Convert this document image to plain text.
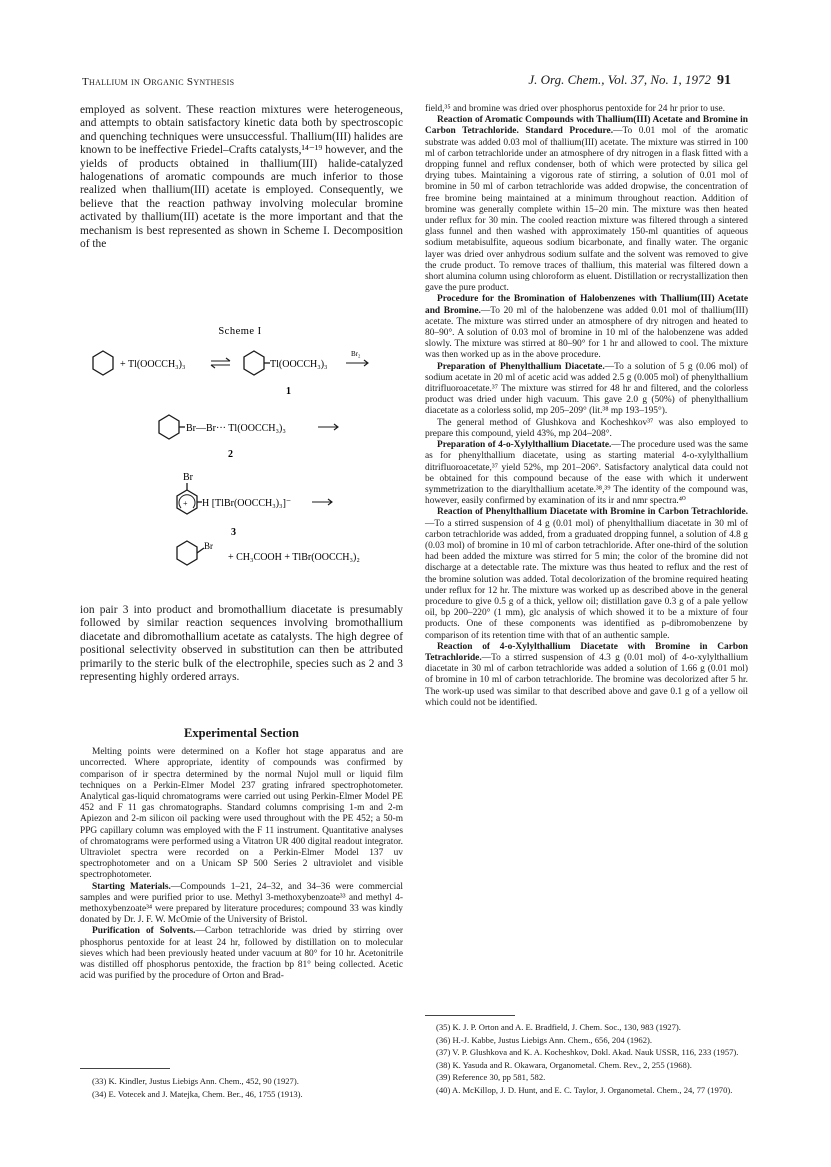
Thallium in Organic Synthesis	J. Org. Chem., Vol. 37, No. 1, 1972 91

employed as solvent. These reaction mixtures were heterogeneous, and attempts to obtain satisfactory kinetic data both by spectroscopic and quenching techniques were unsuccessful. Thallium(III) halides are known to be ineffective Friedel–Crafts catalysts,¹⁴⁻¹⁹ however, and the yields of products obtained in thallium(III) halide-catalyzed halogenations of aromatic compounds are much inferior to those realized when thallium(III) acetate is employed. Consequently, we believe that the reaction pathway involving molecular bromine activated by thallium(III) acetate is the more important and that the mechanism is best represented as shown in Scheme I. Decomposition of the

Scheme I
+ Tl(OOCCH₃)₃	Tl(OOCCH₃)₃
Br₂
1
Br—Br··· Tl(OOCCH₃)₃
2
Br
+ H [TlBr(OOCCH₃)₃]⁻
3
Br
+ CH₃COOH + TlBr(OOCCH₃)₂

ion pair 3 into product and bromothallium diacetate is presumably followed by similar reaction sequences involving bromothallium diacetate and dibromothallium acetate as catalysts. The high degree of positional selectivity observed in substitution can then be attributed primarily to the steric bulk of the electrophile, species such as 2 and 3 representing highly ordered arrays.

Experimental Section

Melting points were determined on a Kofler hot stage apparatus and are uncorrected. Where appropriate, identity of compounds was confirmed by comparison of ir spectra determined by the normal Nujol mull or liquid film techniques on a Perkin-Elmer Model 237 grating infrared spectrophotometer. Analytical gas-liquid chromatograms were carried out using Perkin-Elmer Model PE 452 and F 11 gas chromatographs. Standard columns comprising 1-m and 2-m Apiezon and 2-m silicon oil packing were used throughout with the PE 452; a 50-m PPG capillary column was employed with the F 11 instrument. Quantitative analyses of chromatograms were performed using a Vitatron UR 400 digital readout integrator. Ultraviolet spectra were recorded on a Perkin-Elmer Model 137 uv spectrophotometer and on a Unicam SP 500 Series 2 ultraviolet and visible spectrophotometer.

Starting Materials.—Compounds 1–21, 24–32, and 34–36 were commercial samples and were purified prior to use. Methyl 3-methoxybenzoate³³ and methyl 4-methoxybenzoate³⁴ were prepared by literature procedures; compound 33 was kindly donated by Dr. J. F. W. McOmie of the University of Bristol.

Purification of Solvents.—Carbon tetrachloride was dried by stirring over phosphorus pentoxide for at least 24 hr, followed by distillation on to molecular sieves which had been previously heated under vacuum at 80° for 10 hr. Acetonitrile was distilled off phosphorus pentoxide, the fraction bp 81° being collected. Acetic acid was purified by the procedure of Orton and Brad-

(33) K. Kindler, Justus Liebigs Ann. Chem., 452, 90 (1927).

(34) E. Votecek and J. Matejka, Chem. Ber., 46, 1755 (1913).

field,³⁵ and bromine was dried over phosphorus pentoxide for 24 hr prior to use.

Reaction of Aromatic Compounds with Thallium(III) Acetate and Bromine in Carbon Tetrachloride. Standard Procedure.—To 0.01 mol of the aromatic substrate was added 0.03 mol of thallium(III) acetate. The mixture was stirred in 100 ml of carbon tetrachloride under an atmosphere of dry nitrogen in a flask fitted with a dropping funnel and reflux condenser, both of which were protected by silica gel drying tubes. Maintaining a vigorous rate of stirring, a solution of 0.01 mol of bromine in 50 ml of carbon tetrachloride was added dropwise, the concentration of free bromine being maintained at a minimum throughout reaction. Addition of bromine was generally complete within 15–20 min. The mixture was then heated under reflux for 30 min. The cooled reaction mixture was filtered through a sintered glass funnel and then washed with approximately 150-ml quantities of aqueous sodium metabisulfite, aqueous sodium bicarbonate, and finally water. The organic layer was dried over anhydrous sodium sulfate and the solvent was removed to give the crude product. To remove traces of thallium, this material was filtered down a short alumina column using chloroform as eluent. Distillation or recrystallization then gave the pure product.

Procedure for the Bromination of Halobenzenes with Thallium(III) Acetate and Bromine.—To 20 ml of the halobenzene was added 0.01 mol of thallium(III) acetate. The mixture was stirred under an atmosphere of dry nitrogen and heated to 80–90°. A solution of 0.03 mol of bromine in 10 ml of the halobenzene was added slowly. The mixture was stirred at 80–90° for 1 hr and allowed to cool. The mixture was then worked up as in the above procedure.

Preparation of Phenylthallium Diacetate.—To a solution of 5 g (0.06 mol) of sodium acetate in 20 ml of acetic acid was added 2.5 g (0.005 mol) of phenylthallium ditrifluoroacetate.³⁷ The mixture was stirred for 48 hr and filtered, and the colorless product was dried under high vacuum. This gave 2.0 g (50%) of phenylthallium diacetate as a colorless solid, mp 205–209° (lit.³⁸ mp 193–195°).

The general method of Glushkova and Kocheshkov³⁷ was also employed to prepare this compound, yield 43%, mp 204–208°.

Preparation of 4-o-Xylylthallium Diacetate.—The procedure used was the same as for phenylthallium diacetate, using as starting material 4-o-xylylthallium ditrifluoroacetate,³⁷ yield 52%, mp 201–206°. Satisfactory analytical data could not be obtained for this compound because of the ease with which it underwent symmetrization to the diarylthallium acetate.³⁸,³⁹ The identity of the compound was, however, easily confirmed by examination of its ir and nmr spectra.⁴⁰

Reaction of Phenylthallium Diacetate with Bromine in Carbon Tetrachloride.—To a stirred suspension of 4 g (0.01 mol) of phenylthallium diacetate in 30 ml of carbon tetrachloride was added, from a graduated dropping funnel, a solution of 4.8 g (0.03 mol) of bromine in 10 ml of carbon tetrachloride. After one-third of the solution had been added the mixture was stirred for 5 min; the color of the bromine did not discharge at a detectable rate. The mixture was thus heated to reflux and the rest of the bromine solution was added. Total decolorization of the bromine required heating under reflux for 12 hr. The mixture was worked up as described above in the general procedure to give 0.5 g of a thick, yellow oil; distillation gave 0.3 g of a pale yellow oil, bp 200–220° (1 mm), glc analysis of which showed it to be a mixture of four products. One of these components was identified as p-dibromobenzene by comparison of its retention time with that of an authentic sample.

Reaction of 4-o-Xylylthallium Diacetate with Bromine in Carbon Tetrachloride.—To a stirred suspension of 4.3 g (0.01 mol) of 4-o-xylylthallium diacetate in 30 ml of carbon tetrachloride was added a solution of 1.66 g (0.01 mol) of bromine in 10 ml of carbon tetrachloride. The bromine was decolorized after 5 hr. The work-up used was similar to that described above and gave 0.1 g of a yellow oil which could not be identified.

(35) K. J. P. Orton and A. E. Bradfield, J. Chem. Soc., 130, 983 (1927).

(36) H.-J. Kabbe, Justus Liebigs Ann. Chem., 656, 204 (1962).

(37) V. P. Glushkova and K. A. Kocheshkov, Dokl. Akad. Nauk USSR, 116, 233 (1957).

(38) K. Yasuda and R. Okawara, Organometal. Chem. Rev., 2, 255 (1968).

(39) Reference 30, pp 581, 582.

(40) A. McKillop, J. D. Hunt, and E. C. Taylor, J. Organometal. Chem., 24, 77 (1970).
